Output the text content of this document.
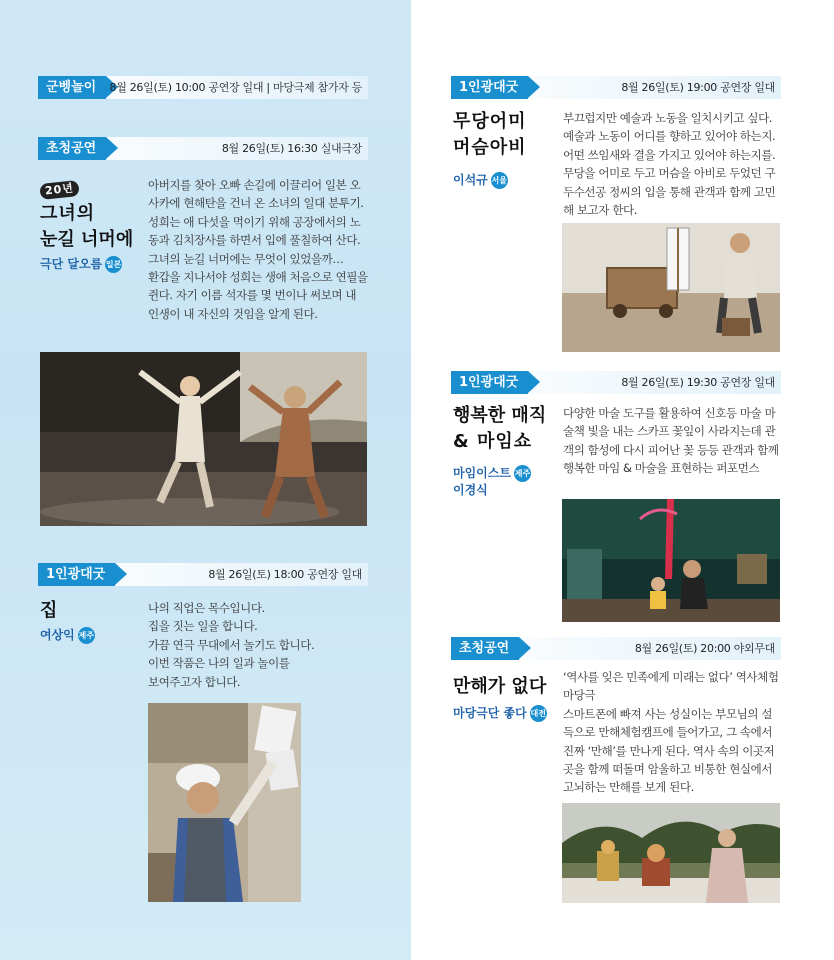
군벵놀이	8월 26일(토) 10:00 공연장 일대 | 마당극제 참가자 등
초청공연	8월 26일(토) 16:30 실내극장
20년
그녀의
눈길 너머에
극단 달오름 일본

아버지를 찾아 오빠 손길에 이끌리어 일본 오사카에 현해탄을 건너 온 소녀의 일대 분투기. 성희는 애 다섯을 먹이기 위해 공장에서의 노동과 김치장사를 하면서 입에 풀칠하여 산다. 그녀의 눈길 너머에는 무엇이 있었을까…

환갑을 지나서야 성희는 생애 처음으로 연필을 쥔다. 자기 이름 석자를 몇 번이나 써보며 내 인생이 내 자신의 것임을 알게 된다.

1인광대굿	8월 26일(토) 18:00 공연장 일대
집
여상익 제주

나의 직업은 목수입니다.

집을 짓는 일을 합니다.

가끔 연극 무대에서 놀기도 합니다.

이번 작품은 나의 일과 놀이를

보여주고자 합니다.

1인광대굿	8월 26일(토) 19:00 공연장 일대
무당어미
머슴아비
이석규 서울

부끄럽지만 예술과 노동을 일치시키고 싶다. 예술과 노동이 어디를 향하고 있어야 하는지. 어떤 쓰임새와 결을 가지고 있어야 하는지를. 무당을 어미로 두고 머슴을 아비로 두었던 구두수선공 정씨의 입을 통해 관객과 함께 고민해 보고자 한다.

1인광대굿	8월 26일(토) 19:30 공연장 일대
행복한 매직
& 마임쇼
마임이스트 제주
이경식

다양한 마술 도구를 활용하여 신호등 마술 마술책 빛을 내는 스카프 꽃잎이 사라지는데 관객의 함성에 다시 피어난 꽃 등등 관객과 함께 행복한 마임 & 마술을 표현하는 퍼포먼스

초청공연	8월 26일(토) 20:00 야외무대
만해가 없다
마당극단 좋다 대전

‘역사를 잊은 민족에게 미래는 없다’ 역사체험마당극

스마트폰에 빠져 사는 성실이는 부모님의 설득으로 만해체험캠프에 들어가고, 그 속에서 진짜 ‘만해’를 만나게 된다. 역사 속의 이곳저곳을 함께 떠돌며 암울하고 비통한 현실에서 고뇌하는 만해를 보게 된다.
